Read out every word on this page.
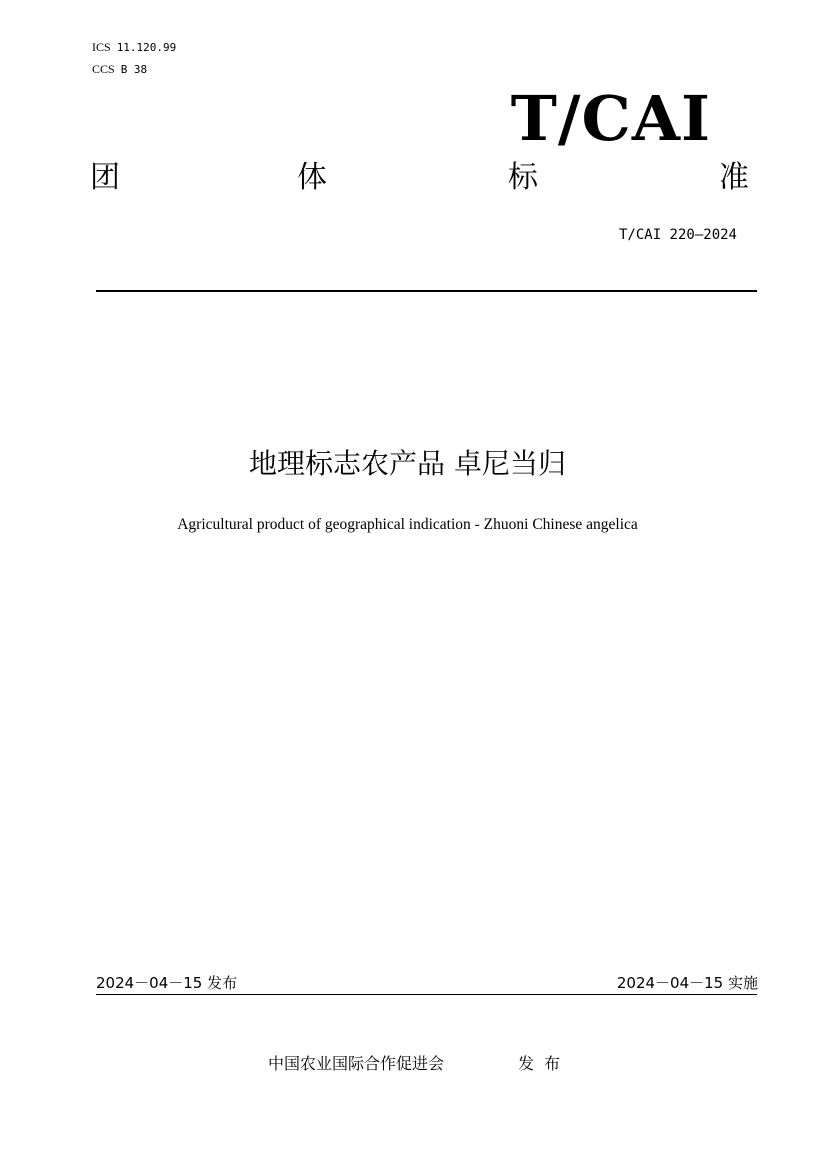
ICS 11.120.99
CCS B 38
T/CAI
团	体	标	准
T/CAI 220—2024
地理标志农产品 卓尼当归
Agricultural product of geographical indication - Zhuoni Chinese angelica
2024－04－15 发布	2024－04－15 实施
中国农业国际合作促进会	发布
